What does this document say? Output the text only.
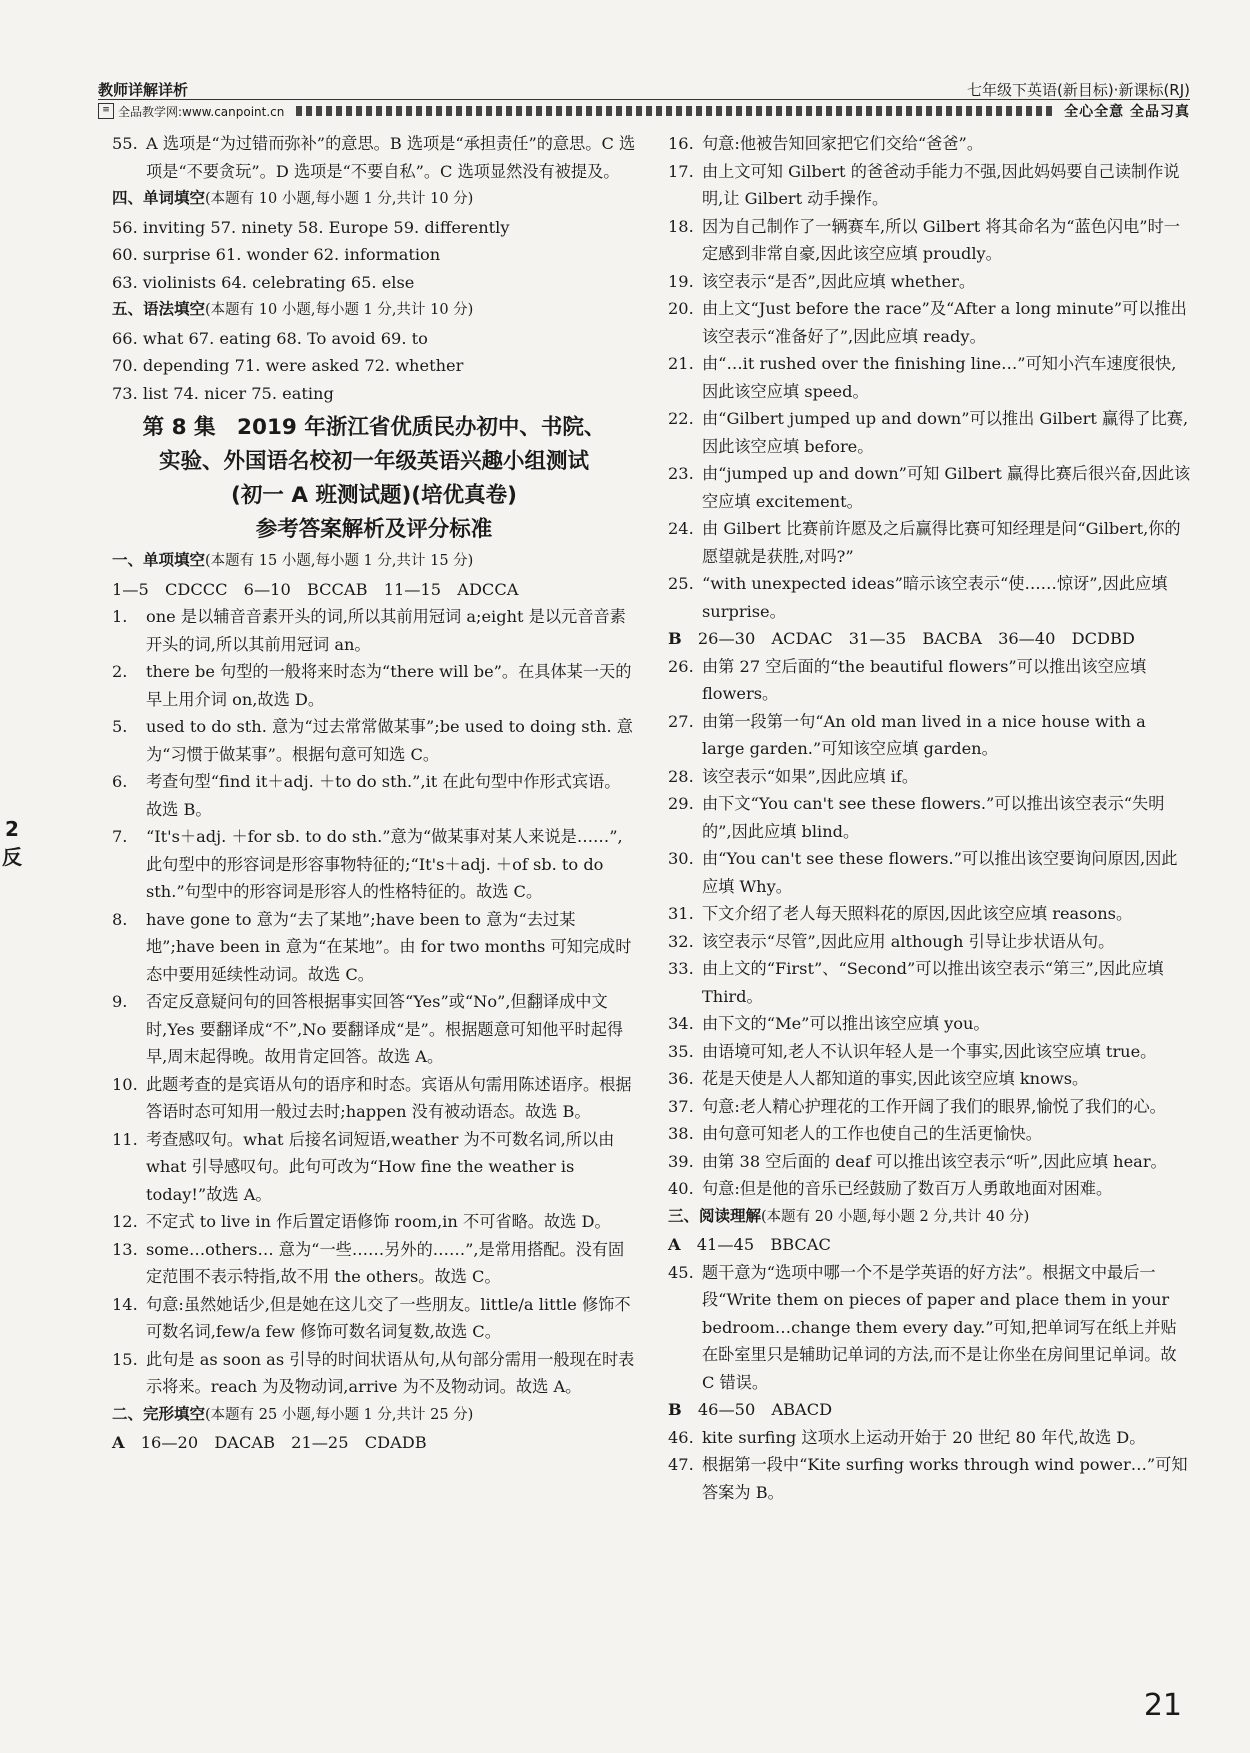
教师详解详析	七年级下英语(新目标)·新课标(RJ)
≡ 全品教学网:www.canpoint.cn	全心全意 全品习真
2
反
55. A 选项是“为过错而弥补”的意思。B 选项是“承担责任”的意思。C 选项是“不要贪玩”。D 选项是“不要自私”。C 选项显然没有被提及。
四、单词填空(本题有 10 小题,每小题 1 分,共计 10 分)
56. inviting 57. ninety 58. Europe 59. differently
60. surprise 61. wonder 62. information
63. violinists 64. celebrating 65. else
五、语法填空(本题有 10 小题,每小题 1 分,共计 10 分)
66. what 67. eating 68. To avoid 69. to
70. depending 71. were asked 72. whether
73. list 74. nicer 75. eating
第 8 集　2019 年浙江省优质民办初中、书院、
实验、外国语名校初一年级英语兴趣小组测试
(初一 A 班测试题)(培优真卷)
参考答案解析及评分标准
一、单项填空(本题有 15 小题,每小题 1 分,共计 15 分)
1—5　CDCCC　6—10　BCCAB　11—15　ADCCA
1. one 是以辅音音素开头的词,所以其前用冠词 a;eight 是以元音音素开头的词,所以其前用冠词 an。
2. there be 句型的一般将来时态为“there will be”。在具体某一天的早上用介词 on,故选 D。
5. used to do sth. 意为“过去常常做某事”;be used to doing sth. 意为“习惯于做某事”。根据句意可知选 C。
6. 考查句型“find it＋adj. ＋to do sth.”,it 在此句型中作形式宾语。故选 B。
7. “It's＋adj. ＋for sb. to do sth.”意为“做某事对某人来说是……”,此句型中的形容词是形容事物特征的;“It's＋adj. ＋of sb. to do sth.”句型中的形容词是形容人的性格特征的。故选 C。
8. have gone to 意为“去了某地”;have been to 意为“去过某地”;have been in 意为“在某地”。由 for two months 可知完成时态中要用延续性动词。故选 C。
9. 否定反意疑问句的回答根据事实回答“Yes”或“No”,但翻译成中文时,Yes 要翻译成“不”,No 要翻译成“是”。根据题意可知他平时起得早,周末起得晚。故用肯定回答。故选 A。
10. 此题考查的是宾语从句的语序和时态。宾语从句需用陈述语序。根据答语时态可知用一般过去时;happen 没有被动语态。故选 B。
11. 考查感叹句。what 后接名词短语,weather 为不可数名词,所以由 what 引导感叹句。此句可改为“How fine the weather is today!”故选 A。
12. 不定式 to live in 作后置定语修饰 room,in 不可省略。故选 D。
13. some…others… 意为“一些……另外的……”,是常用搭配。没有固定范围不表示特指,故不用 the others。故选 C。
14. 句意:虽然她话少,但是她在这儿交了一些朋友。little/a little 修饰不可数名词,few/a few 修饰可数名词复数,故选 C。
15. 此句是 as soon as 引导的时间状语从句,从句部分需用一般现在时表示将来。reach 为及物动词,arrive 为不及物动词。故选 A。
二、完形填空(本题有 25 小题,每小题 1 分,共计 25 分)
A　 16—20　DACAB　21—25　CDADB
16. 句意:他被告知回家把它们交给“爸爸”。
17. 由上文可知 Gilbert 的爸爸动手能力不强,因此妈妈要自己读制作说明,让 Gilbert 动手操作。
18. 因为自己制作了一辆赛车,所以 Gilbert 将其命名为“蓝色闪电”时一定感到非常自豪,因此该空应填 proudly。
19. 该空表示“是否”,因此应填 whether。
20. 由上文“Just before the race”及“After a long minute”可以推出该空表示“准备好了”,因此应填 ready。
21. 由“…it rushed over the finishing line…”可知小汽车速度很快,因此该空应填 speed。
22. 由“Gilbert jumped up and down”可以推出 Gilbert 赢得了比赛,因此该空应填 before。
23. 由“jumped up and down”可知 Gilbert 赢得比赛后很兴奋,因此该空应填 excitement。
24. 由 Gilbert 比赛前许愿及之后赢得比赛可知经理是问“Gilbert,你的愿望就是获胜,对吗?”
25. “with unexpected ideas”暗示该空表示“使……惊讶”,因此应填 surprise。
B　 26—30　ACDAC　31—35　BACBA　36—40　DCDBD
26. 由第 27 空后面的“the beautiful flowers”可以推出该空应填 flowers。
27. 由第一段第一句“An old man lived in a nice house with a large garden.”可知该空应填 garden。
28. 该空表示“如果”,因此应填 if。
29. 由下文“You can't see these flowers.”可以推出该空表示“失明的”,因此应填 blind。
30. 由“You can't see these flowers.”可以推出该空要询问原因,因此应填 Why。
31. 下文介绍了老人每天照料花的原因,因此该空应填 reasons。
32. 该空表示“尽管”,因此应用 although 引导让步状语从句。
33. 由上文的“First”、“Second”可以推出该空表示“第三”,因此应填 Third。
34. 由下文的“Me”可以推出该空应填 you。
35. 由语境可知,老人不认识年轻人是一个事实,因此该空应填 true。
36. 花是天使是人人都知道的事实,因此该空应填 knows。
37. 句意:老人精心护理花的工作开阔了我们的眼界,愉悦了我们的心。
38. 由句意可知老人的工作也使自己的生活更愉快。
39. 由第 38 空后面的 deaf 可以推出该空表示“听”,因此应填 hear。
40. 句意:但是他的音乐已经鼓励了数百万人勇敢地面对困难。
三、阅读理解(本题有 20 小题,每小题 2 分,共计 40 分)
A　 41—45　BBCAC
45. 题干意为“选项中哪一个不是学英语的好方法”。根据文中最后一段“Write them on pieces of paper and place them in your bedroom…change them every day.”可知,把单词写在纸上并贴在卧室里只是辅助记单词的方法,而不是让你坐在房间里记单词。故 C 错误。
B　 46—50　ABACD
46. kite surfing 这项水上运动开始于 20 世纪 80 年代,故选 D。
47. 根据第一段中“Kite surfing works through wind power…”可知答案为 B。
21
